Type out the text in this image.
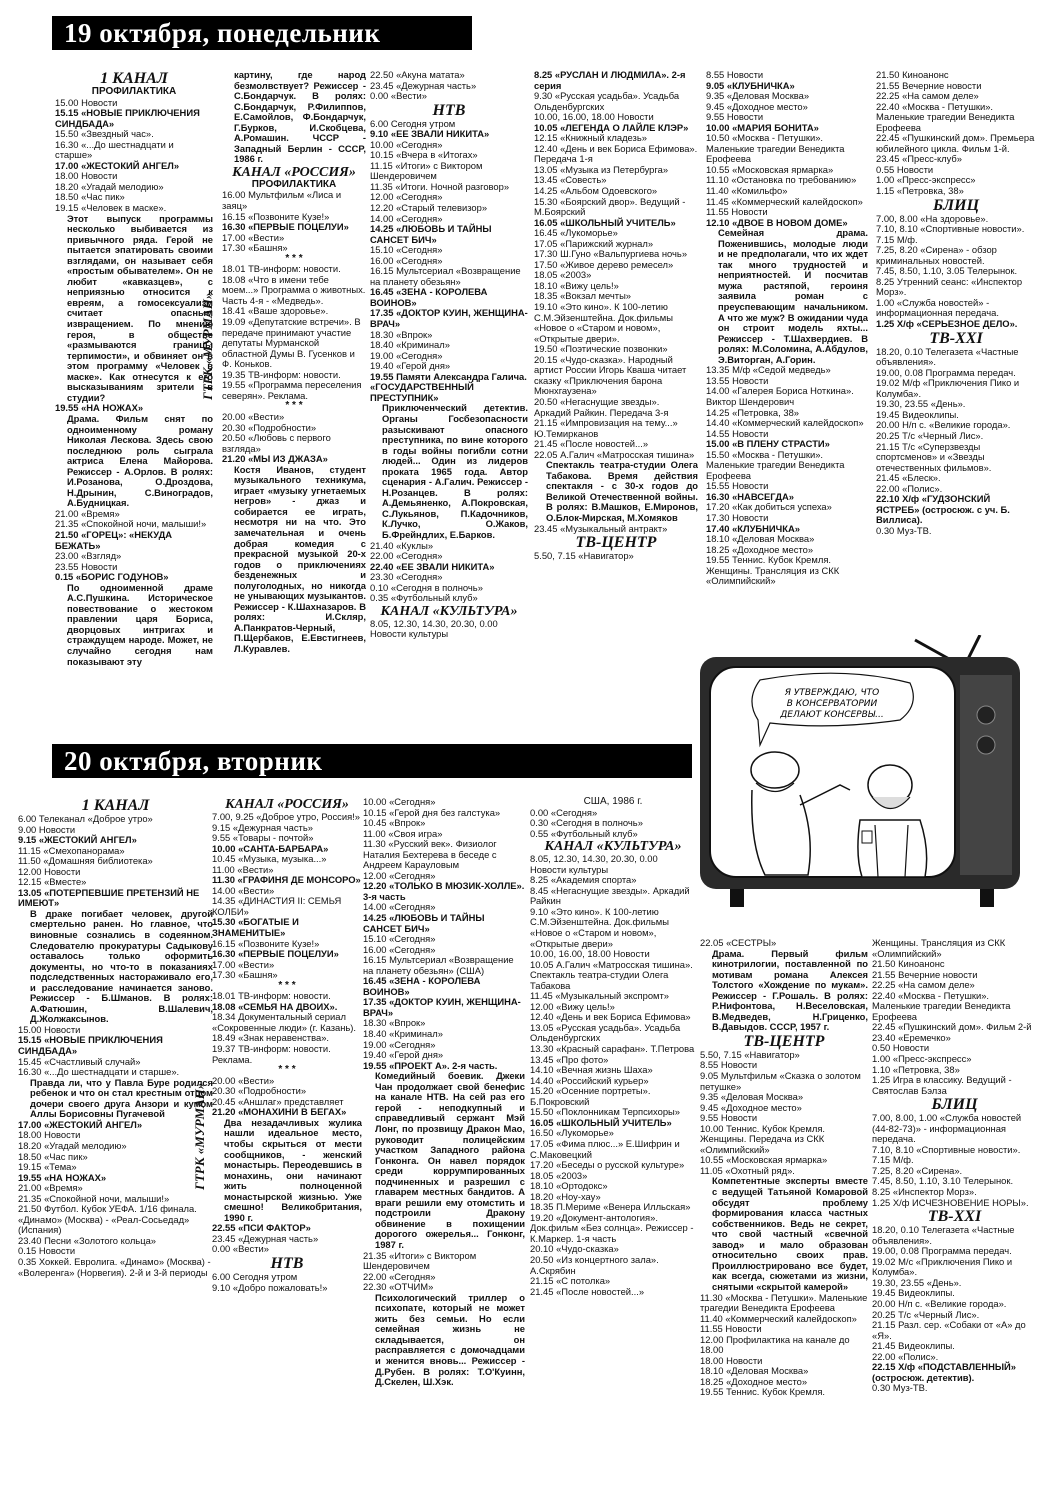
19 октября, понедельник

1 КАНАЛ

ПРОФИЛАКТИКА

15.00 Новости

15.15 «НОВЫЕ ПРИКЛЮЧЕНИЯ СИНДБАДА»

15.50 «Звездный час».

16.30 «...До шестнадцати и старше»

17.00 «ЖЕСТОКИЙ АНГЕЛ»

18.00 Новости

18.20 «Угадай мелодию»

18.50 «Час пик»

19.15 «Человек в маске».

Этот выпуск программы несколько выбивается из привычного ряда. Герой не пытается эпатировать своими взглядами, он называет себя «простым обывателем». Он не любит «кавказцев», с неприязнью относится к евреям, а гомосексуализм считает опасным извращением. По мнению героя, в обществе «размываются границы терпимости», и обвиняет он в этом программу «Человек в маске». Как отнесутся к его высказываниям зрители в студии?

19.55 «НА НОЖАХ»

Драма. Фильм снят по одноименному роману Николая Лескова. Здесь свою последнюю роль сыграла актриса Елена Майорова. Режиссер - А.Орлов. В ролях: И.Розанова, О.Дроздова, Н.Дрынин, С.Виноградов, А.Будницкая.

21.00 «Время»

21.35 «Спокойной ночи, малыши!»

21.50 «ГОРЕЦ»: «НЕКУДА БЕЖАТЬ»

23.00 «Взгляд»

23.55 Новости

0.15 «БОРИС ГОДУНОВ»

По одноименной драме А.С.Пушкина. Историческое повествование о жестоком правлении царя Бориса, дворцовых интригах и страждущем народе. Может, не случайно сегодня нам показывают эту

картину, где народ безмолвствует? Режиссер - С.Бондарчук. В ролях: С.Бондарчук, Р.Филиппов, Е.Самойлов, Ф.Бондарчук, Г.Бурков, И.Скобцева, А.Ромашин. ЧССР - Западный Берлин - СССР, 1986 г.

КАНАЛ «РОССИЯ»

ПРОФИЛАКТИКА

16.00 Мультфильм «Лиса и заяц»

16.15 «Позвоните Кузе!»

16.30 «ПЕРВЫЕ ПОЦЕЛУИ»

17.00 «Вести»

17.30 «Башня»

* * *

18.01 ТВ-информ: новости.

18.08 «Что в имени тебе моем...» Программа о животных. Часть 4-я - «Медведь».

18.41 «Ваше здоровье».

19.09 «Депутатские встречи». В передаче принимают участие депутаты Мурманской областной Думы В. Гусенков и Ф. Коньков.

19.35 ТВ-информ: новости.

19.55 «Программа переселения северян». Реклама.

* * *

20.00 «Вести»

20.30 «Подробности»

20.50 «Любовь с первого взгляда»

21.20 «МЫ ИЗ ДЖАЗА»

Костя Иванов, студент музыкального техникума, играет «музыку угнетаемых негров» - джаз и собирается ее играть, несмотря ни на что. Это замечательная и очень добрая комедия с прекрасной музыкой 20-х годов о приключениях безденежных и полуголодных, но никогда не унывающих музыкантов. Режиссер - К.Шахназаров. В ролях: И.Скляр, А.Панкратов-Черный, П.Щербаков, Е.Евстигнеев, Л.Куравлев.

22.50 «Акуна матата»

23.45 «Дежурная часть»

0.00 «Вести»

НТВ

6.00 Сегодня утром

9.10 «ЕЕ ЗВАЛИ НИКИТА»

10.00 «Сегодня»

10.15 «Вчера в «Итогах»

11.15 «Итоги» с Виктором Шендеровичем

11.35 «Итоги. Ночной разговор»

12.00 «Сегодня»

12.20 «Старый телевизор»

14.00 «Сегодня»

14.25 «ЛЮБОВЬ И ТАЙНЫ САНСЕТ БИЧ»

15.10 «Сегодня»

16.00 «Сегодня»

16.15 Мультсериал «Возвращение на планету обезьян»

16.45 «ЗЕНА - КОРОЛЕВА ВОИНОВ»

17.35 «ДОКТОР КУИН, ЖЕНЩИНА-ВРАЧ»

18.30 «Впрок»

18.40 «Криминал»

19.00 «Сегодня»

19.40 «Герой дня»

19.55 Памяти Александра Галича. «ГОСУДАРСТВЕННЫЙ ПРЕСТУПНИК»

Приключенческий детектив. Органы Госбезопасности разыскивают опасного преступника, по вине которого в годы войны погибли сотни людей... Один из лидеров проката 1965 года. Автор сценария - А.Галич. Режиссер - Н.Розанцев. В ролях: А.Демьяненко, А.Покровская, С.Лукьянов, П.Кадочников, К.Лучко, О.Жаков, Б.Фрейндлих, Е.Барков.

21.40 «Куклы»

22.00 «Сегодня»

22.40 «ЕЕ ЗВАЛИ НИКИТА»

23.30 «Сегодня»

0.10 «Сегодня в полночь»

0.35 «Футбольный клуб»

КАНАЛ «КУЛЬТУРА»

8.05, 12.30, 14.30, 20.30, 0.00 Новости культуры

8.25 «РУСЛАН И ЛЮДМИЛА». 2-я серия

9.30 «Русская усадьба». Усадьба Ольденбургских

10.00, 16.00, 18.00 Новости

10.05 «ЛЕГЕНДА О ЛАЙЛЕ КЛЭР»

12.15 «Книжный кладезь»

12.40 «День и век Бориса Ефимова». Передача 1-я

13.05 «Музыка из Петербурга»

13.45 «Совесть»

14.25 «Альбом Одоевского»

15.30 «Боярский двор». Ведущий - М.Боярский

16.05 «ШКОЛЬНЫЙ УЧИТЕЛЬ»

16.45 «Лукоморье»

17.05 «Парижский журнал»

17.30 Ш.Гуно «Вальпургиева ночь»

17.50 «Живое дерево ремесел»

18.05 «2003»

18.10 «Вижу цель!»

18.35 «Вокзал мечты»

19.10 «Это кино». К 100-летию С.М.Эйзенштейна. Док.фильмы «Новое о «Старом и новом», «Открытые двери».

19.50 «Поэтические позвонки»

20.15 «Чудо-сказка». Народный артист России Игорь Кваша читает сказку «Приключения барона Мюнхгаузена»

20.50 «Негаснущие звезды». Аркадий Райкин. Передача 3-я

21.15 «Импровизация на тему...» Ю.Темирканов

21.45 «После новостей...»

22.05 А.Галич «Матросская тишина»

Спектакль театра-студии Олега Табакова. Время действия спектакля - с 30-х годов до Великой Отечественной войны. В ролях: В.Машков, Е.Миронов, О.Блок-Мирская, М.Хомяков

23.45 «Музыкальный антракт»

ТВ-ЦЕНТР

5.50, 7.15 «Навигатор»

8.55 Новости

9.05 «КЛУБНИЧКА»

9.35 «Деловая Москва»

9.45 «Доходное место»

9.55 Новости

10.00 «МАРИЯ БОНИТА»

10.50 «Москва - Петушки». Маленькие трагедии Венедикта Ерофеева

10.55 «Московская ярмарка»

11.10 «Остановка по требованию»

11.40 «Комильфо»

11.45 «Коммерческий калейдоскоп»

11.55 Новости

12.10 «ДВОЕ В НОВОМ ДОМЕ»

Семейная драма. Поженившись, молодые люди и не предполагали, что их ждет так много трудностей и неприятностей. И посчитав мужа растяпой, героиня заявила роман с преуспевающим начальником. А что же муж? В ожидании чуда он строит модель яхты... Режиссер - Т.Шахвердиев. В ролях: М.Соломина, А.Абдулов, Э.Виторган, А.Горин.

13.35 М/ф «Седой медведь»

13.55 Новости

14.00 «Галерея Бориса Ноткина». Виктор Шендерович

14.25 «Петровка, 38»

14.40 «Коммерческий калейдоскоп»

14.55 Новости

15.00 «В ПЛЕНУ СТРАСТИ»

15.50 «Москва - Петушки». Маленькие трагедии Венедикта Ерофеева

15.55 Новости

16.30 «НАВСЕГДА»

17.20 «Как добиться успеха»

17.30 Новости

17.40 «КЛУБНИЧКА»

18.10 «Деловая Москва»

18.25 «Доходное место»

19.55 Теннис. Кубок Кремля. Женщины. Трансляция из СКК «Олимпийский»

21.50 Киноанонс

21.55 Вечерние новости

22.25 «На самом деле»

22.40 «Москва - Петушки». Маленькие трагедии Венедикта Ерофеева

22.45 «Пушкинский дом». Премьера юбилейного цикла. Фильм 1-й.

23.45 «Пресс-клуб»

0.55 Новости

1.00 «Пресс-экспресс»

1.15 «Петровка, 38»

БЛИЦ

7.00, 8.00 «На здоровье».

7.10, 8.10 «Спортивные новости».

7.15 М/ф.

7.25, 8.20 «Сирена» - обзор криминальных новостей.

7.45, 8.50, 1.10, 3.05 Телерынок.

8.25 Утренний сеанс: «Инспектор Морз».

1.00 «Служба новостей» - информационная передача.

1.25 Х/ф «СЕРЬЕЗНОЕ ДЕЛО».

ТВ-XXI

18.20, 0.10 Телегазета «Частные объявления».

19.00, 0.08 Программа передач.

19.02 М/ф «Приключения Пико и Колумба».

19.30, 23.55 «День».

19.45 Видеоклипы.

20.00 Н/п с. «Великие города».

20.25 Т/с «Черный Лис».

21.15 Т/с «Суперзвезды спортсменов» и «Звезды отечественных фильмов».

21.45 «Блеск».

22.00 «Полис».

22.10 Х/ф «ГУДЗОНСКИЙ ЯСТРЕБ» (остросюж. с уч. Б. Виллиса).

0.30 Муз-ТВ.

ГТРК «МУРМАН»
20 октября, вторник

1 КАНАЛ

6.00 Телеканал «Доброе утро»

9.00 Новости

9.15 «ЖЕСТОКИЙ АНГЕЛ»

11.15 «Смехопанорама»

11.50 «Домашняя библиотека»

12.00 Новости

12.15 «Вместе»

13.05 «ПОТЕРПЕВШИЕ ПРЕТЕНЗИЙ НЕ ИМЕЮТ»

В драке погибает человек, другой смертельно ранен. Но главное, что виновные сознались в содеянном. Следователю прокуратуры Садыкову оставалось только оформить документы, но что-то в показаниях подследственных настораживало его, и расследование начинается заново. Режиссер - Б.Шманов. В ролях: А.Фатюшин, В.Шалевич, Д.Жолжаксынов.

15.00 Новости

15.15 «НОВЫЕ ПРИКЛЮЧЕНИЯ СИНДБАДА»

15.45 «Счастливый случай»

16.30 «...До шестнадцати и старше».

Правда ли, что у Павла Буре родился ребенок и что он стал крестным отцом дочери своего друга Анзори и кумом Аллы Борисовны Пугачевой

17.00 «ЖЕСТОКИЙ АНГЕЛ»

18.00 Новости

18.20 «Угадай мелодию»

18.50 «Час пик»

19.15 «Тема»

19.55 «НА НОЖАХ»

21.00 «Время»

21.35 «Спокойной ночи, малыши!»

21.50 Футбол. Кубок УЕФА. 1/16 финала. «Динамо» (Москва) - «Реал-Сосьедад» (Испания)

23.40 Песни «Золотого кольца»

0.15 Новости

0.35 Хоккей. Евролига. «Динамо» (Москва) - «Волеренга» (Норвегия). 2-й и 3-й периоды

КАНАЛ «РОССИЯ»

7.00, 9.25 «Доброе утро, Россия!»

9.15 «Дежурная часть»

9.55 «Товары - почтой»

10.00 «САНТА-БАРБАРА»

10.45 «Музыка, музыка...»

11.00 «Вести»

11.30 «ГРАФИНЯ ДЕ МОНСОРО»

14.00 «Вести»

14.35 «ДИНАСТИЯ II: СЕМЬЯ КОЛБИ»

15.30 «БОГАТЫЕ И ЗНАМЕНИТЫЕ»

16.15 «Позвоните Кузе!»

16.30 «ПЕРВЫЕ ПОЦЕЛУИ»

17.00 «Вести»

17.30 «Башня»

* * *

18.01 ТВ-информ: новости.

18.08 «СЕМЬЯ НА ДВОИХ».

18.34 Документальный сериал «Сокровенные люди» (г. Казань).

18.49 «Знак неравенства».

19.37 ТВ-информ: новости. Реклама.

* * *

20.00 «Вести»

20.30 «Подробности»

20.45 «Аншлаг» представляет

21.20 «МОНАХИНИ В БЕГАХ»

Два незадачливых жулика нашли идеальное место, чтобы скрыться от мести сообщников, - женский монастырь. Переодевшись в монахинь, они начинают жить полноценной монастырской жизнью. Уже смешно! Великобритания, 1990 г.

22.55 «ПСИ ФАКТОР»

23.45 «Дежурная часть»

0.00 «Вести»

НТВ

6.00 Сегодня утром

9.10 «Добро пожаловать!»

10.00 «Сегодня»

10.15 «Герой дня без галстука»

10.45 «Впрок»

11.00 «Своя игра»

11.30 «Русский век». Физиолог Наталия Бехтерева в беседе с Андреем Карауловым

12.00 «Сегодня»

12.20 «ТОЛЬКО В МЮЗИК-ХОЛЛЕ». 3-я часть

14.00 «Сегодня»

14.25 «ЛЮБОВЬ И ТАЙНЫ САНСЕТ БИЧ»

15.10 «Сегодня»

16.00 «Сегодня»

16.15 Мультсериал «Возвращение на планету обезьян» (США)

16.45 «ЗЕНА - КОРОЛЕВА ВОИНОВ»

17.35 «ДОКТОР КУИН, ЖЕНЩИНА-ВРАЧ»

18.30 «Впрок»

18.40 «Криминал»

19.00 «Сегодня»

19.40 «Герой дня»

19.55 «ПРОЕКТ А». 2-я часть.

Комедийный боевик. Джеки Чан продолжает свой бенефис на канале НТВ. На сей раз его герой - неподкупный и справедливый сержант Мэй Лонг, по прозвищу Дракон Мао, руководит полицейским участком Западного района Гонконга. Он навел порядок среди коррумпированных подчиненных и разрешил с главарем местных бандитов. А враги решили ему отомстить и подстроили Дракону обвинение в похищении дорогого ожерелья... Гонконг, 1987 г.

21.35 «Итоги» с Виктором Шендеровичем

22.00 «Сегодня»

22.30 «ОТЧИМ»

Психологический триллер о психопате, который не может жить без семьи. Но если семейная жизнь не складывается, он расправляется с домочадцами и женится вновь... Режиссер - Д.Рубен. В ролях: Т.О'Куинн, Д.Скелен, Ш.Хэк.

США, 1986 г.

0.00 «Сегодня»

0.30 «Сегодня в полночь»

0.55 «Футбольный клуб»

КАНАЛ «КУЛЬТУРА»

8.05, 12.30, 14.30, 20.30, 0.00 Новости культуры

8.25 «Академия спорта»

8.45 «Негаснущие звезды». Аркадий Райкин

9.10 «Это кино». К 100-летию С.М.Эйзенштейна. Док.фильмы «Новое о «Старом и новом», «Открытые двери»

10.00, 16.00, 18.00 Новости

10.05 А.Галич «Матросская тишина». Спектакль театра-студии Олега Табакова

11.45 «Музыкальный экспромт»

12.00 «Вижу цель!»

12.40 «День и век Бориса Ефимова»

13.05 «Русская усадьба». Усадьба Ольденбургских

13.30 «Красный сарафан». Т.Петрова

13.45 «Про фото»

14.10 «Вечная жизнь Шаха»

14.40 «Российский курьер»

15.20 «Осенние портреты». Б.Покровский

15.50 «Поклонникам Терпсихоры»

16.05 «ШКОЛЬНЫЙ УЧИТЕЛЬ»

16.50 «Лукоморье»

17.05 «Фима плюс...» Е.Шифрин и С.Маковецкий

17.20 «Беседы о русской культуре»

18.05 «2003»

18.10 «Ортодокс»

18.20 «Ноу-хау»

18.35 П.Мериме «Венера Илльская»

19.20 «Документ-антология». Док.фильм «Без солнца». Режиссер - К.Маркер. 1-я часть

20.10 «Чудо-сказка»

20.50 «Из концертного зала». А.Скрябин

21.15 «С потолка»

21.45 «После новостей...»

22.05 «СЕСТРЫ»

Драма. Первый фильм кинотрилогии, поставленной по мотивам романа Алексея Толстого «Хождение по мукам». Режиссер - Г.Рошаль. В ролях: Р.Нифонтова, Н.Веселовская, В.Медведев, Н.Гриценко, В.Давыдов. СССР, 1957 г.

ТВ-ЦЕНТР

5.50, 7.15 «Навигатор»

8.55 Новости

9.05 Мультфильм «Сказка о золотом петушке»

9.35 «Деловая Москва»

9.45 «Доходное место»

9.55 Новости

10.00 Теннис. Кубок Кремля. Женщины. Передача из СКК «Олимпийский»

10.55 «Московская ярмарка»

11.05 «Охотный ряд».

Компетентные эксперты вместе с ведущей Татьяной Комаровой обсудят проблему формирования класса частных собственников. Ведь не секрет, что свой частный «свечной завод» и мало образован относительно своих прав. Проиллюстрировано все будет, как всегда, сюжетами из жизни, снятыми «скрытой камерой»

11.30 «Москва - Петушки». Маленькие трагедии Венедикта Ерофеева

11.40 «Коммерческий калейдоскоп»

11.55 Новости

12.00 Профилактика на канале до 18.00

18.00 Новости

18.10 «Деловая Москва»

18.25 «Доходное место»

19.55 Теннис. Кубок Кремля.

Женщины. Трансляция из СКК «Олимпийский»

21.50 Киноанонс

21.55 Вечерние новости

22.25 «На самом деле»

22.40 «Москва - Петушки». Маленькие трагедии Венедикта Ерофеева

22.45 «Пушкинский дом». Фильм 2-й

23.40 «Еремечко»

0.50 Новости

1.00 «Пресс-экспресс»

1.10 «Петровка, 38»

1.25 Игра в классику. Ведущий - Святослав Бэлза

БЛИЦ

7.00, 8.00, 1.00 «Служба новостей (44-82-73)» - информационная передача.

7.10, 8.10 «Спортивные новости».

7.15 М/ф.

7.25, 8.20 «Сирена».

7.45, 8.50, 1.10, 3.10 Телерынок.

8.25 «Инспектор Морз».

1.25 Х/ф ИСЧЕЗНОВЕНИЕ НОРЫ».

ТВ-XXI

18.20, 0.10 Телегазета «Частные объявления».

19.00, 0.08 Программа передач.

19.02 М/с «Приключения Пико и Колумба».

19.30, 23.55 «День».

19.45 Видеоклипы.

20.00 Н/п с. «Великие города».

20.25 Т/с «Черный Лис».

21.15 Разл. сер. «Собаки от «А» до «Я».

21.45 Видеоклипы.

22.00 «Полис».

22.15 Х/ф «ПОДСТАВЛЕННЫЙ» (остросюж. детектив).

0.30 Муз-ТВ.

ГТРК «МУРМАН»
Я УТВЕРЖДАЮ, ЧТО
В КОНСЕРВАТОРИИ
ДЕЛАЮТ КОНСЕРВЫ...
